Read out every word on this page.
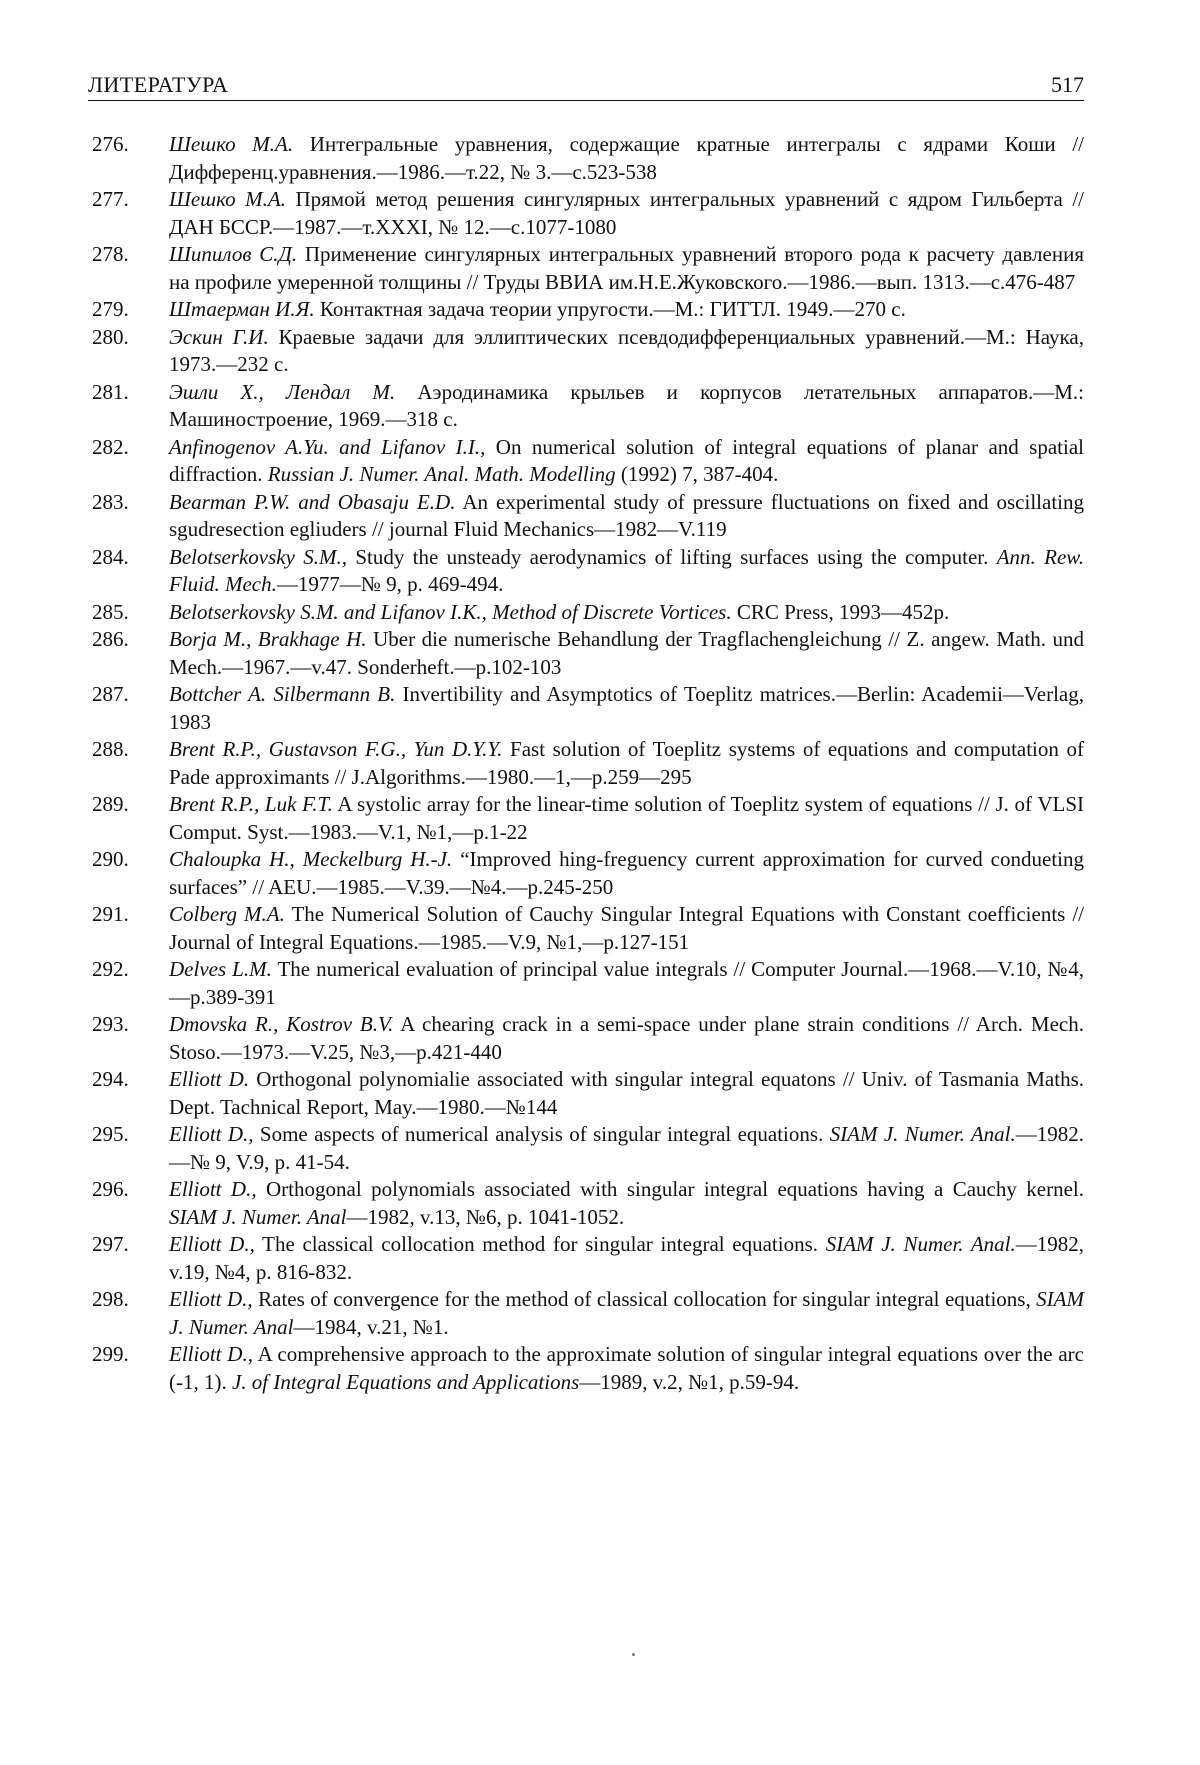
ЛИТЕРАТУРА	517
276.	Шешко М.А. Интегральные уравнения, содержащие кратные интегралы с ядрами Коши // Дифференц.уравнения.—1986.—т.22, № 3.—с.523-538
277.	Шешко М.А. Прямой метод решения сингулярных интегральных уравнений с ядром Гильберта // ДАН БССР.—1987.—т.XXXI, № 12.—с.1077-1080
278.	Шипилов С.Д. Применение сингулярных интегральных уравнений второго рода к расчету давления на профиле умеренной толщины // Труды ВВИА им.Н.Е.Жуковского.—1986.—вып. 1313.—с.476-487
279.	Штаерман И.Я. Контактная задача теории упругости.—М.: ГИТТЛ. 1949.—270 с.
280.	Эскин Г.И. Краевые задачи для эллиптических псевдодифференциальных уравнений.—М.: Наука, 1973.—232 с.
281.	Эшли Х., Лендал М. Аэродинамика крыльев и корпусов летательных аппаратов.—М.: Машиностроение, 1969.—318 с.
282.	Anfinogenov A.Yu. and Lifanov I.I., On numerical solution of integral equations of planar and spatial diffraction. Russian J. Numer. Anal. Math. Modelling (1992) 7, 387-404.
283.	Bearman P.W. and Obasaju E.D. An experimental study of pressure fluctuations on fixed and oscillating sgudresection egliuders // journal Fluid Mechanics—1982—V.119
284.	Belotserkovsky S.M., Study the unsteady aerodynamics of lifting surfaces using the computer. Ann. Rew. Fluid. Mech.—1977—№ 9, p. 469-494.
285.	Belotserkovsky S.M. and Lifanov I.K., Method of Discrete Vortices. CRC Press, 1993—452p.
286.	Borja M., Brakhage H. Uber die numerische Behandlung der Tragflachengleichung // Z. angew. Math. und Mech.—1967.—v.47. Sonderheft.—p.102-103
287.	Bottcher A. Silbermann B. Invertibility and Asymptotics of Toeplitz matrices.—Berlin: Academii—Verlag, 1983
288.	Brent R.P., Gustavson F.G., Yun D.Y.Y. Fast solution of Toeplitz systems of equations and computation of Pade approximants // J.Algorithms.—1980.—1,—p.259—295
289.	Brent R.P., Luk F.T. A systolic array for the linear-time solution of Toeplitz system of equations // J. of VLSI Comput. Syst.—1983.—V.1, №1,—p.1-22
290.	Chaloupka H., Meckelburg H.-J. “Improved hing-freguency current approximation for curved condueting surfaces” // AEU.—1985.—V.39.—№4.—p.245-250
291.	Colberg M.A. The Numerical Solution of Cauchy Singular Integral Equations with Constant coefficients // Journal of Integral Equations.—1985.—V.9, №1,—p.127-151
292.	Delves L.M. The numerical evaluation of principal value integrals // Computer Journal.—1968.—V.10, №4,—p.389-391
293.	Dmovska R., Kostrov B.V. A chearing crack in a semi-space under plane strain conditions // Arch. Mech. Stoso.—1973.—V.25, №3,—p.421-440
294.	Elliott D. Orthogonal polynomialie associated with singular integral equatons // Univ. of Tasmania Maths. Dept. Tachnical Report, May.—1980.—№144
295.	Elliott D., Some aspects of numerical analysis of singular integral equations. SIAM J. Numer. Anal.—1982.—№ 9, V.9, p. 41-54.
296.	Elliott D., Orthogonal polynomials associated with singular integral equations having a Cauchy kernel. SIAM J. Numer. Anal—1982, v.13, №6, p. 1041-1052.
297.	Elliott D., The classical collocation method for singular integral equations. SIAM J. Numer. Anal.—1982, v.19, №4, p. 816-832.
298.	Elliott D., Rates of convergence for the method of classical collocation for singular integral equations, SIAM J. Numer. Anal—1984, v.21, №1.
299.	Elliott D., A comprehensive approach to the approximate solution of singular integral equations over the arc (-1, 1). J. of Integral Equations and Applications—1989, v.2, №1, p.59-94.
